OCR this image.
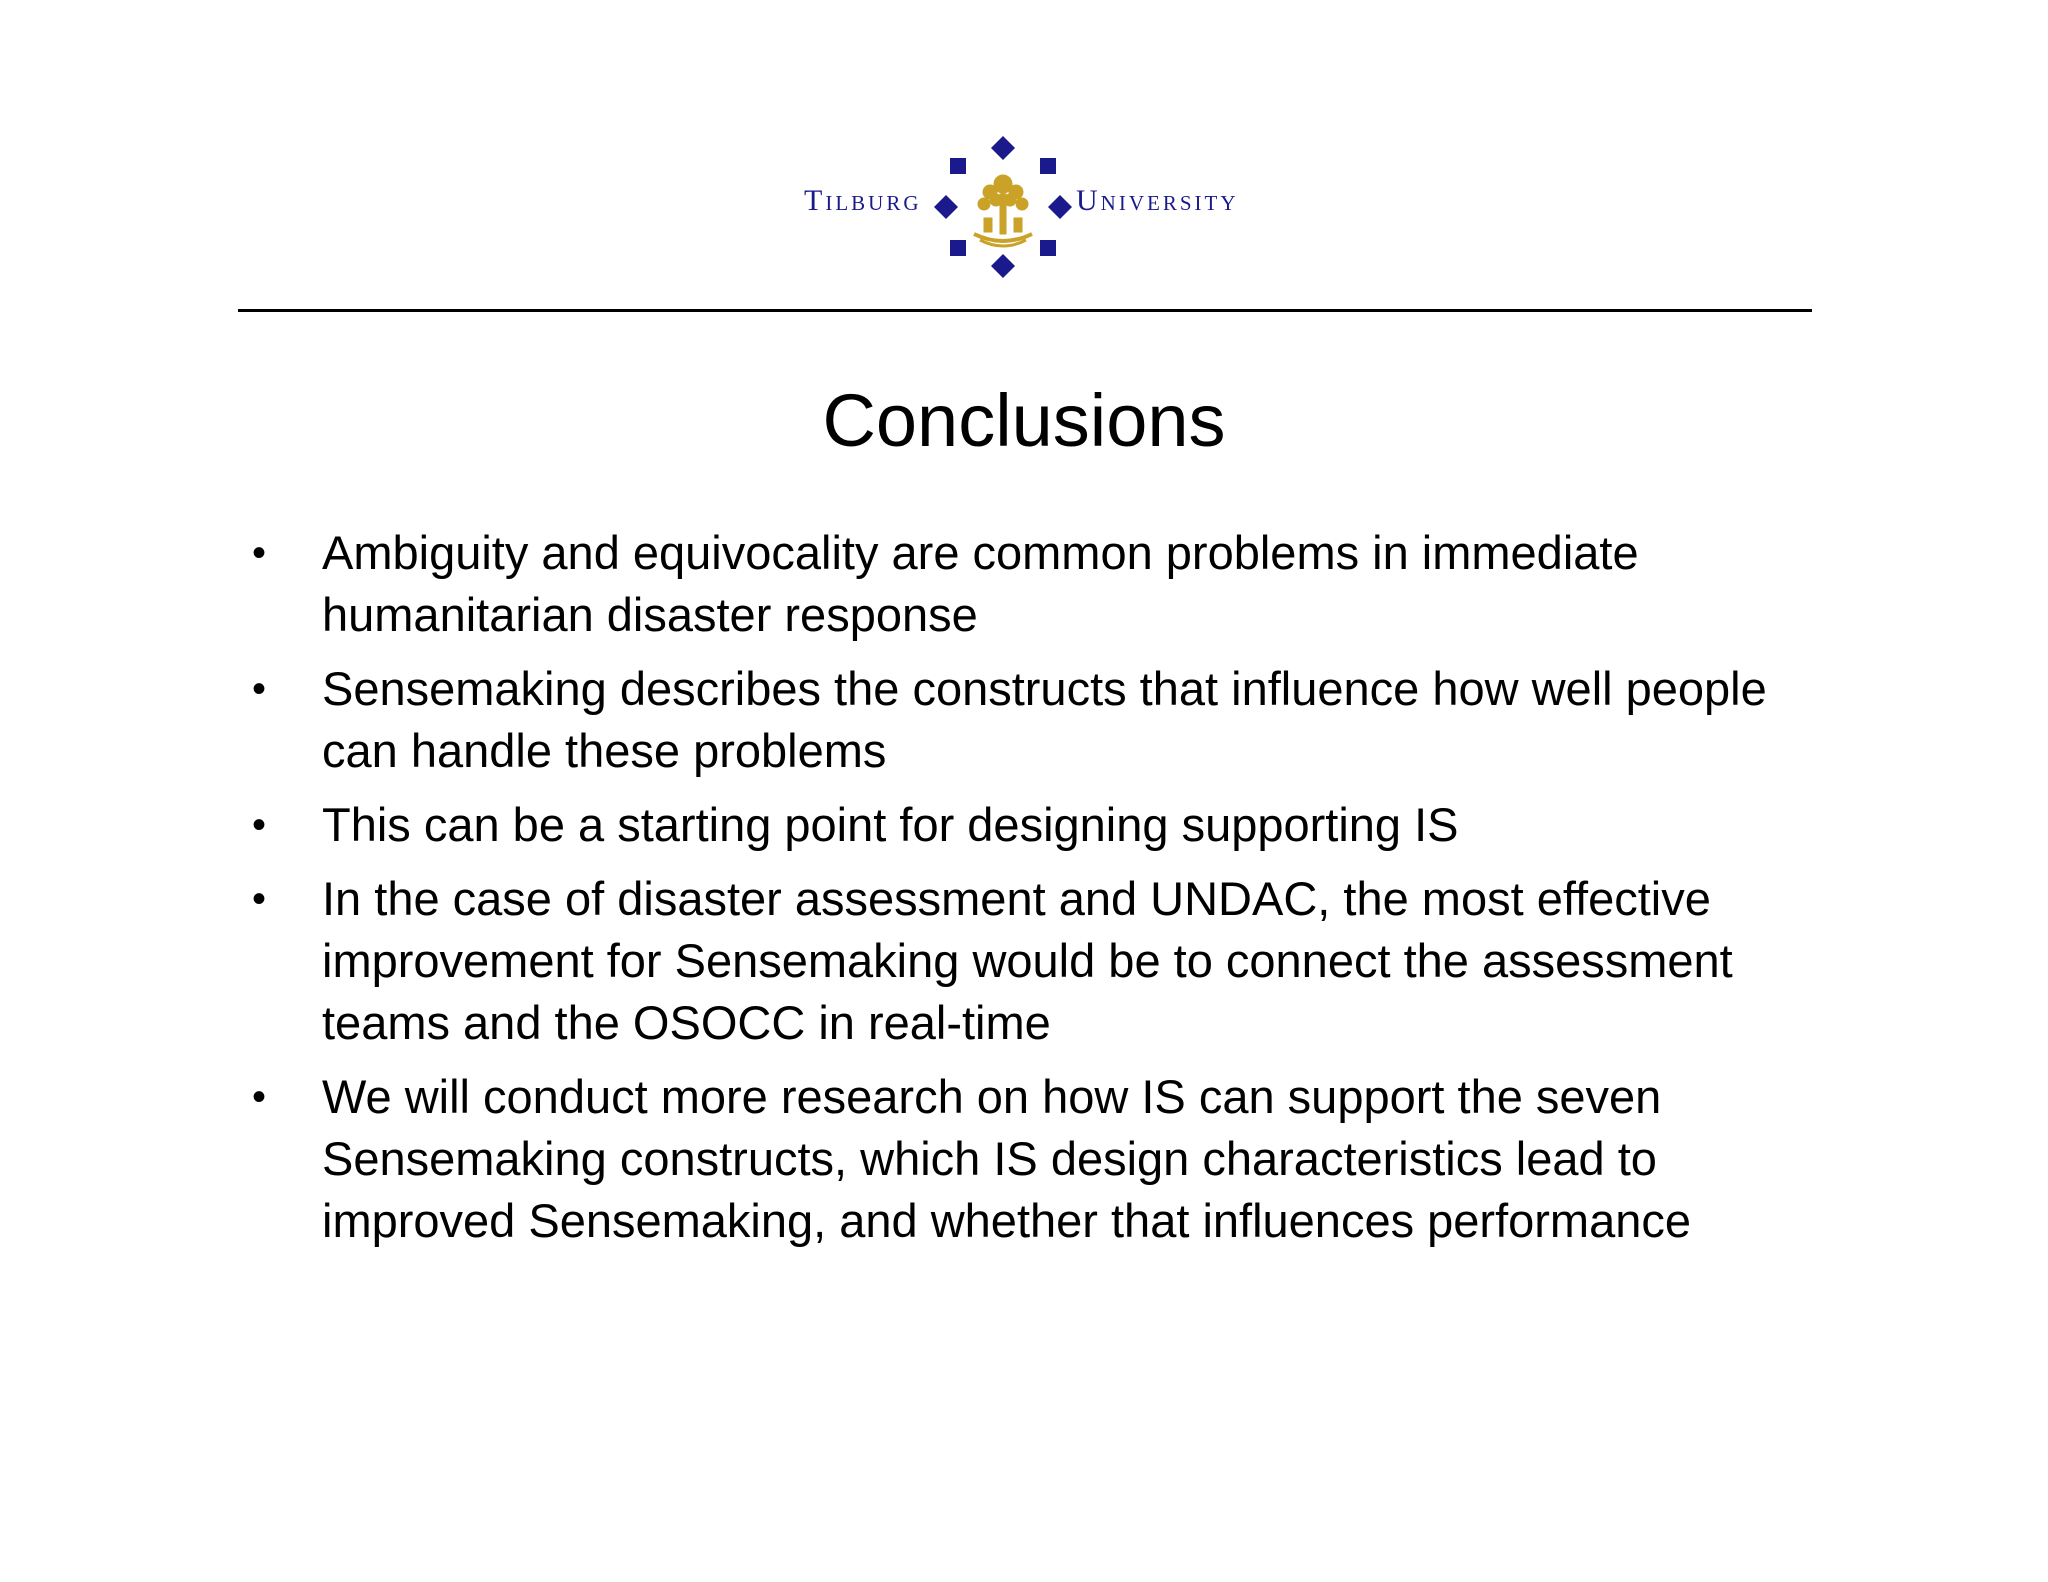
Tilburg	University
Conclusions
•	Ambiguity and equivocality are common problems in immediate humanitarian disaster response
•	Sensemaking describes the constructs that influence how well people can handle these problems
•	This can be a starting point for designing supporting IS
•	In the case of disaster assessment and UNDAC, the most effective improvement for Sensemaking would be to connect the assessment teams and the OSOCC in real-time
•	We will conduct more research on how IS can support the seven Sensemaking constructs, which IS design characteristics lead to improved Sensemaking, and whether that influences performance
